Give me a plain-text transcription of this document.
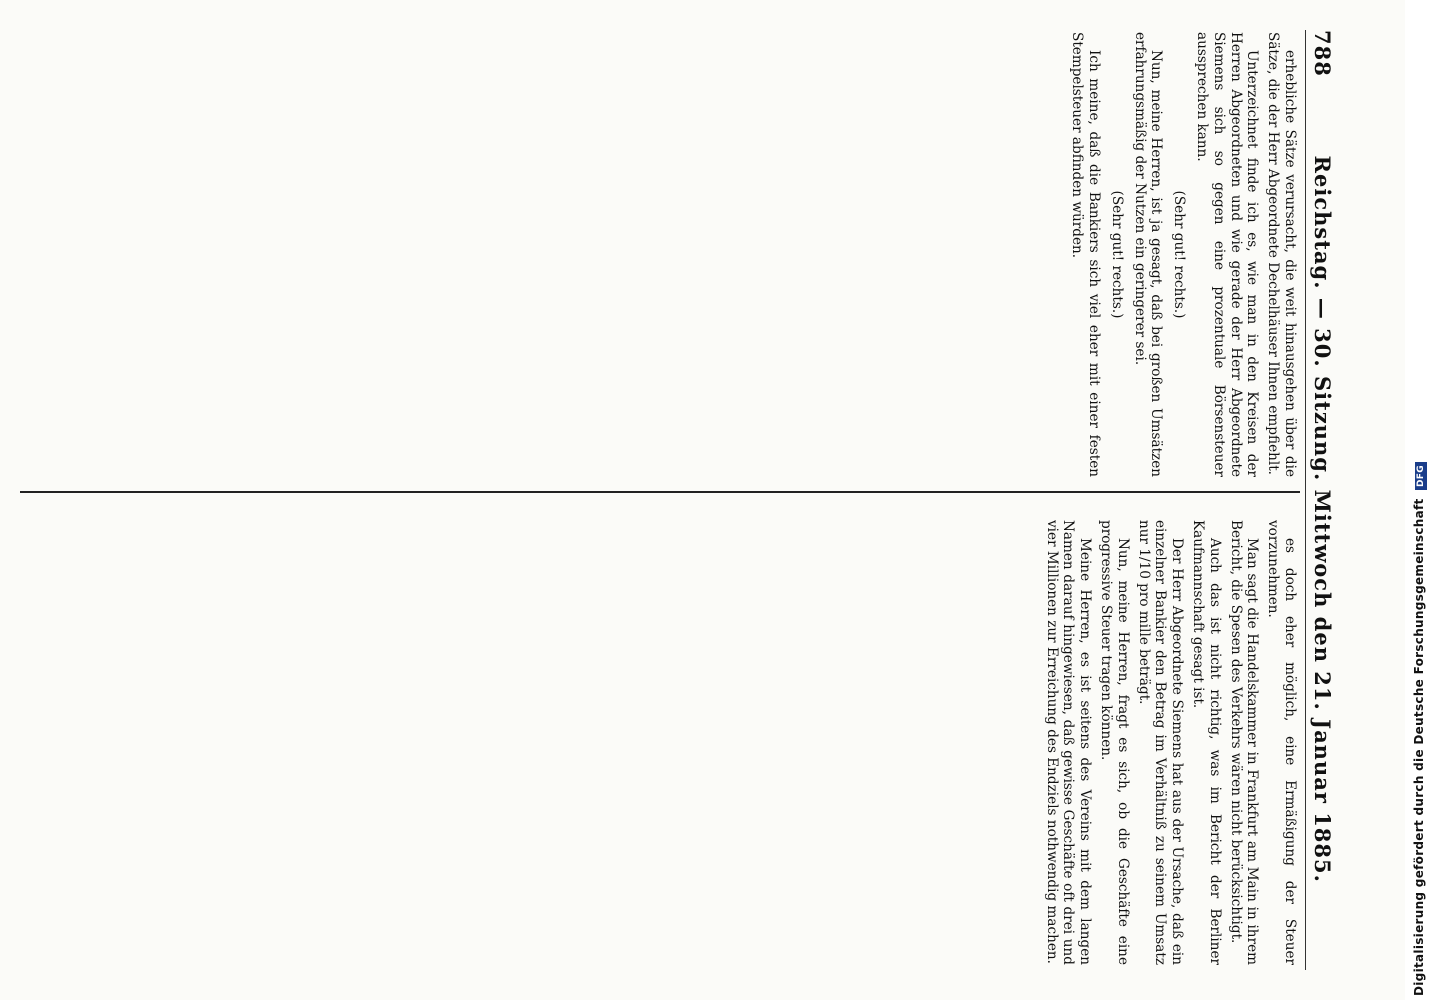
788
Reichstag. — 30. Sitzung. Mittwoch den 21. Januar 1885.

erhebliche Sätze verursacht, die weit hinausgehen über die Sätze, die der Herr Abgeordnete Dechelhäuser Ihnen empfiehlt.

Unterzeichnet finde ich es, wie man in den Kreisen der Herren Abgeordneten und wie gerade der Herr Abgeordnete Siemens sich so gegen eine prozentuale Börsensteuer aussprechen kann.

(Sehr gut! rechts.)

Nun, meine Herren, ist ja gesagt, daß bei großen Umsätzen erfahrungsmäßig der Nutzen ein geringerer sei.

(Sehr gut! rechts.)

Ich meine, daß die Bankiers sich viel eher mit einer festen Stempelsteuer abfinden würden.

es doch eher möglich, eine Ermäßigung der Steuer vorzunehmen.

Man sagt die Handelskammer in Frankfurt am Main in ihrem Bericht, die Spesen des Verkehrs wären nicht berücksichtigt.

Auch das ist nicht richtig, was im Bericht der Berliner Kaufmannschaft gesagt ist.

Der Herr Abgeordnete Siemens hat aus der Ursache, daß ein einzelner Bankier den Betrag im Verhältniß zu seinem Umsatz nur 1/10 pro mille beträgt.

Nun, meine Herren, fragt es sich, ob die Geschäfte eine progressive Steuer tragen können.

Meine Herren, es ist seitens des Vereins mit dem langen Namen darauf hingewiesen, daß gewisse Geschäfte oft drei und vier Millionen zur Erreichung des Endziels nothwendig machen.	Digitalisierung gefördert durch die Deutsche Forschungsgemeinschaft DFG
